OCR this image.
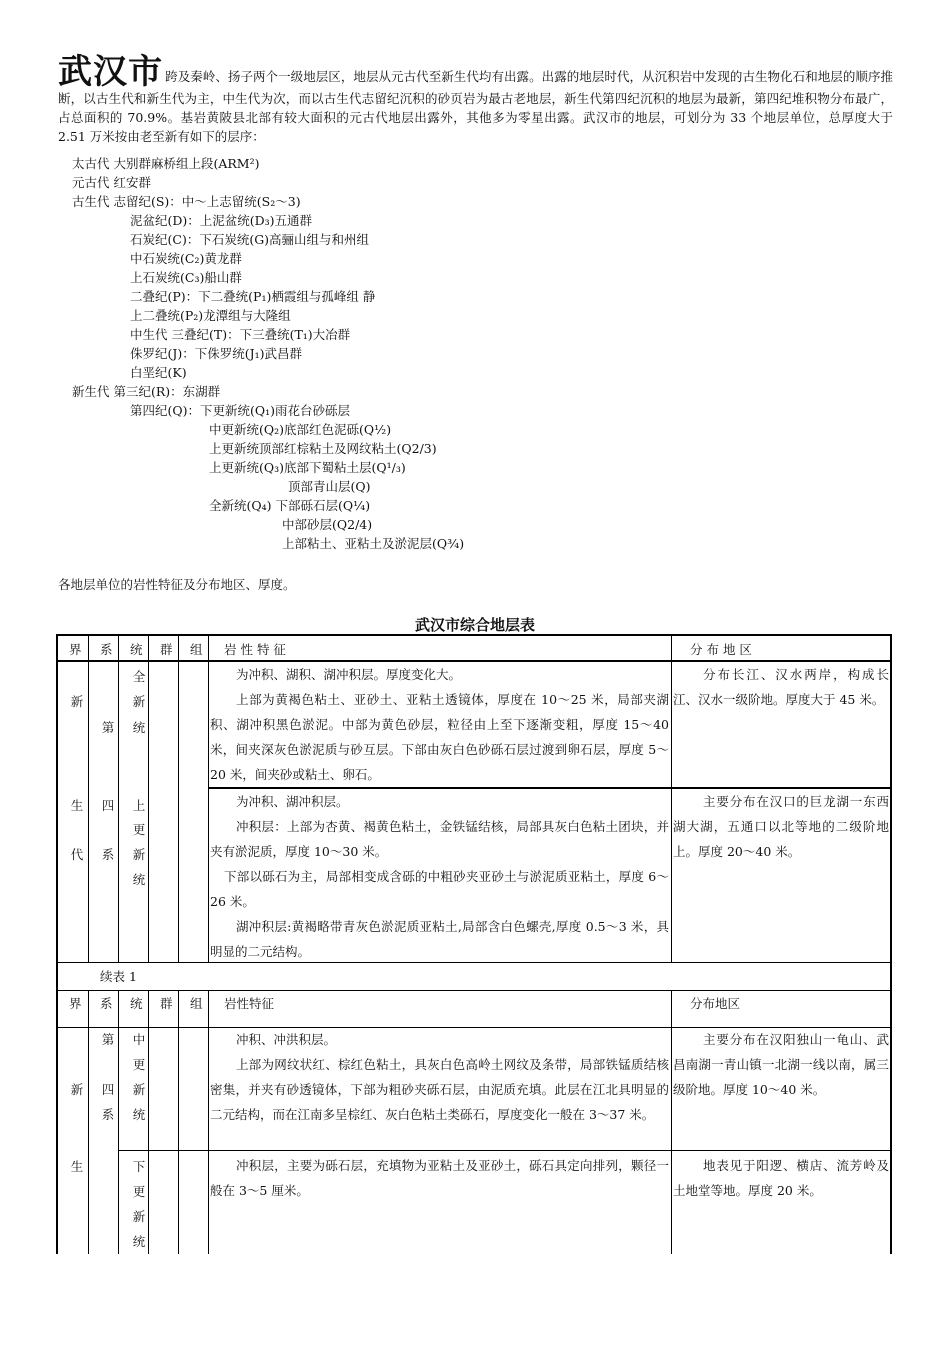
武汉市 跨及秦岭、扬子两个一级地层区，地层从元古代至新生代均有出露。出露的地层时代，从沉积岩中发现的古生物化石和地层的顺序推断，以古生代和新生代为主，中生代为次，而以古生代志留纪沉积的砂页岩为最古老地层，新生代第四纪沉积的地层为最新，第四纪堆积物分布最广，占总面积的 70.9%。基岩黄陂县北部有较大面积的元古代地层出露外，其他多为零星出露。武汉市的地层，可划分为 33 个地层单位，总厚度大于 2.51 万米按由老至新有如下的层序：
太古代 大别群麻桥组上段(ARM²)
元古代 红安群
古生代 志留纪(S)：中～上志留统(S₂～3)
泥盆纪(D)：上泥盆统(D₃)五通群
石炭纪(C)：下石炭统(G)高骊山组与和州组
中石炭统(C₂)黄龙群
上石炭统(C₃)船山群
二叠纪(P)：下二叠统(P₁)栖霞组与孤峰组 静
上二叠统(P₂)龙潭组与大隆组
中生代 三叠纪(T)：下三叠统(T₁)大冶群
侏罗纪(J)：下侏罗统(J₁)武昌群
白垩纪(K)
新生代 第三纪(R)：东湖群
第四纪(Q)：下更新统(Q₁)雨花台砂砾层
中更新统(Q₂)底部红色泥砾(Q½)
上更新统顶部红棕粘土及网纹粘土(Q2/3)
上更新统(Q₃)底部下蜀粘土层(Q¹/₃)
顶部青山层(Q)
全新统(Q₄) 下部砾石层(Q¼)
中部砂层(Q2/4)
上部粘土、亚粘土及淤泥层(Q¾)
各地层单位的岩性特征及分布地区、厚度。
武汉市综合地层表
界 系 统 群 组 岩 性 特 征	分 布 地 区
新
生
代
第
四
系
全
新
统
上
更
新
统
为冲积、湖积、湖冲积层。厚度变化大。
上部为黄褐色粘土、亚砂土、亚粘土透镜体，厚度在 10～25 米，局部夹湖积、湖冲积黑色淤泥。中部为黄色砂层，粒径由上至下逐渐变粗，厚度 15～40 米，间夹深灰色淤泥质与砂互层。下部由灰白色砂砾石层过渡到卵石层，厚度 5～20 米，间夹砂或粘土、卵石。
分布长江、汉水两岸，构成长江、汉水一级阶地。厚度大于 45 米。
为冲积、湖冲积层。
冲积层：上部为杏黄、褐黄色粘土，金铁锰结核，局部具灰白色粘土团块，并夹有淤泥质，厚度 10～30 米。
下部以砾石为主，局部相变成含砾的中粗砂夹亚砂土与淤泥质亚粘土，厚度 6～26 米。
湖冲积层:黄褐略带青灰色淤泥质亚粘土,局部含白色螺壳,厚度 0.5～3 米，具明显的二元结构。
主要分布在汉口的巨龙湖一东西湖大湖，五通口以北等地的二级阶地上。厚度 20～40 米。
续表 1
界 系 统 群 组 岩性特征	分布地区
新
生
第
四
系
中
更
新
统
下
更
新
统
冲积、冲洪积层。
上部为网纹状红、棕红色粘土，具灰白色高岭土网纹及条带，局部铁锰质结核密集，并夹有砂透镜体，下部为粗砂夹砾石层，由泥质充填。此层在江北具明显的二元结构，而在江南多呈棕红、灰白色粘土类砾石，厚度变化一般在 3～37 米。
主要分布在汉阳独山一龟山、武昌南湖一青山镇一北湖一线以南，属三级阶地。厚度 10～40 米。
冲积层，主要为砾石层，充填物为亚粘土及亚砂土，砾石具定向排列，颗径一般在 3～5 厘米。
地表见于阳逻、横店、流芳岭及土地堂等地。厚度 20 米。
